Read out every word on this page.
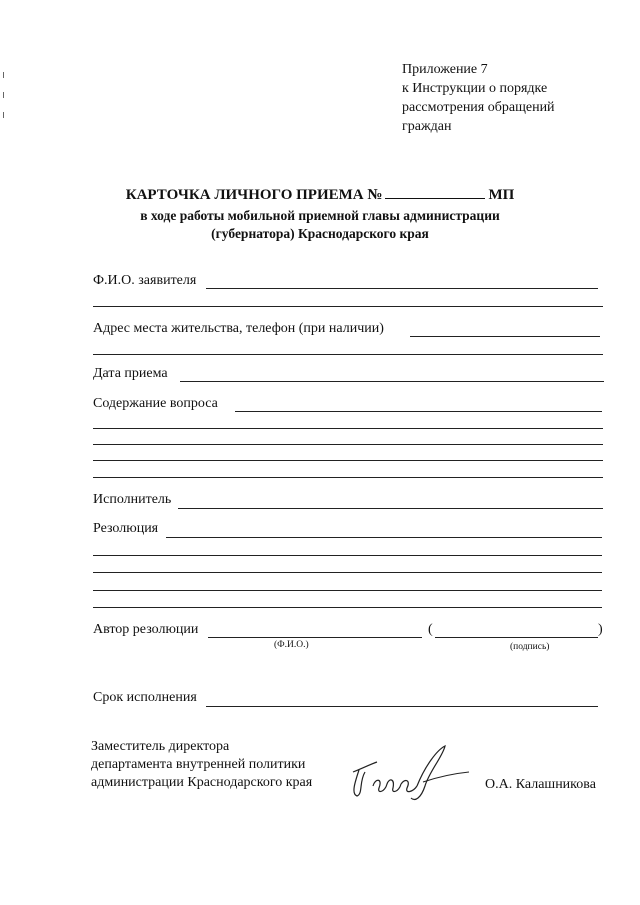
Приложение 7
к Инструкции о порядке
рассмотрения обращений
граждан
КАРТОЧКА ЛИЧНОГО ПРИЕМА №	МП
в ходе работы мобильной приемной главы администрации
(губернатора) Краснодарского края
Ф.И.О. заявителя
Адрес места жительства, телефон (при наличии)
Дата приема
Содержание вопроса
Исполнитель
Резолюция
Автор резолюции	(	)
(Ф.И.О.)	(подпись)
Срок исполнения
Заместитель директора
департамента внутренней политики
администрации Краснодарского края	О.А. Калашникова
